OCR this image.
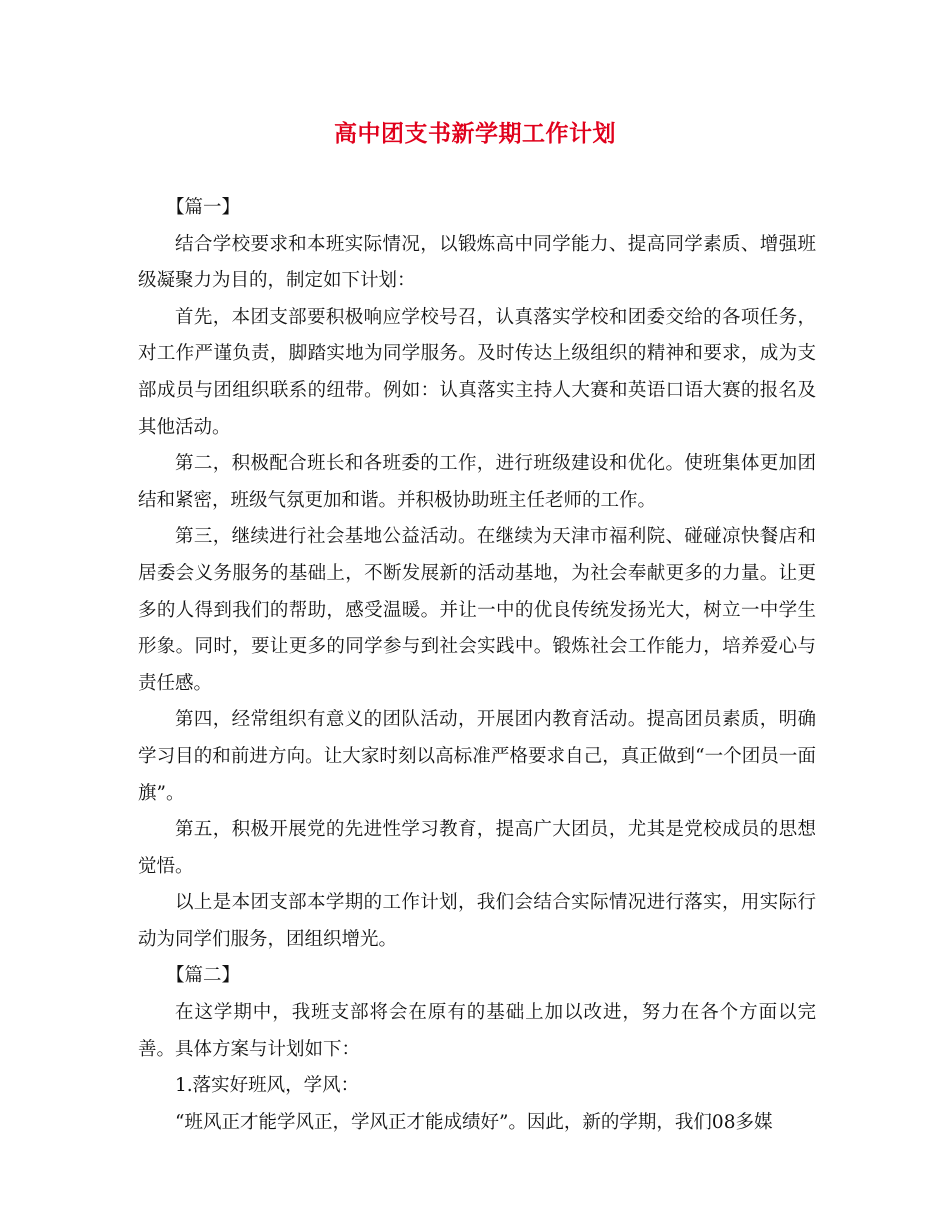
高中团支书新学期工作计划

【篇一】

结合学校要求和本班实际情况，以锻炼高中同学能力、提高同学素质、增强班级凝聚力为目的，制定如下计划：

首先，本团支部要积极响应学校号召，认真落实学校和团委交给的各项任务，对工作严谨负责，脚踏实地为同学服务。及时传达上级组织的精神和要求，成为支部成员与团组织联系的纽带。例如：认真落实主持人大赛和英语口语大赛的报名及其他活动。

第二，积极配合班长和各班委的工作，进行班级建设和优化。使班集体更加团结和紧密，班级气氛更加和谐。并积极协助班主任老师的工作。

第三，继续进行社会基地公益活动。在继续为天津市福利院、碰碰凉快餐店和居委会义务服务的基础上，不断发展新的活动基地，为社会奉献更多的力量。让更多的人得到我们的帮助，感受温暖。并让一中的优良传统发扬光大，树立一中学生形象。同时，要让更多的同学参与到社会实践中。锻炼社会工作能力，培养爱心与责任感。

第四，经常组织有意义的团队活动，开展团内教育活动。提高团员素质，明确学习目的和前进方向。让大家时刻以高标准严格要求自己，真正做到“一个团员一面旗”。

第五，积极开展党的先进性学习教育，提高广大团员，尤其是党校成员的思想觉悟。

以上是本团支部本学期的工作计划，我们会结合实际情况进行落实，用实际行动为同学们服务，团组织增光。

【篇二】

在这学期中，我班支部将会在原有的基础上加以改进，努力在各个方面以完善。具体方案与计划如下：

1.落实好班风，学风：

“班风正才能学风正，学风正才能成绩好”。因此，新的学期，我们08多媒
